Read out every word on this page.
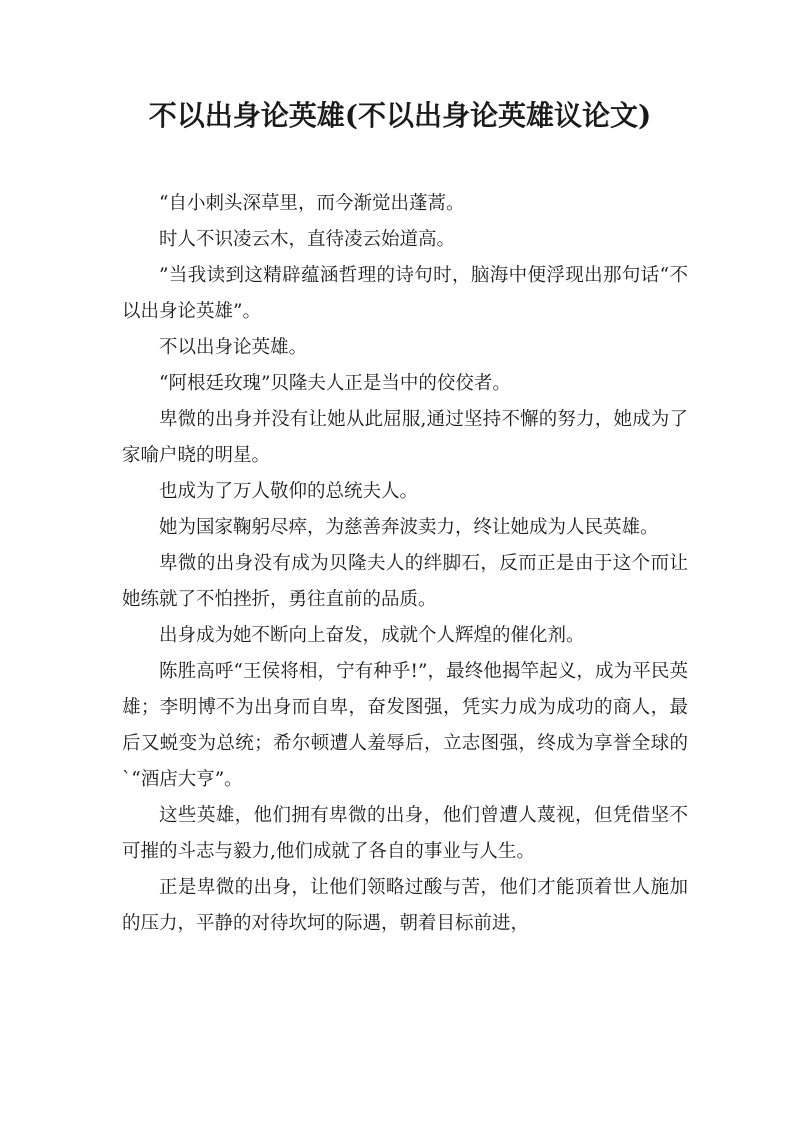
不以出身论英雄(不以出身论英雄议论文)

“自小刺头深草里，而今渐觉出蓬蒿。

时人不识凌云木，直待凌云始道高。

”当我读到这精辟蕴涵哲理的诗句时，脑海中便浮现出那句话“不以出身论英雄”。

不以出身论英雄。

“阿根廷玫瑰”贝隆夫人正是当中的佼佼者。

卑微的出身并没有让她从此屈服,通过坚持不懈的努力，她成为了家喻户晓的明星。

也成为了万人敬仰的总统夫人。

她为国家鞠躬尽瘁，为慈善奔波卖力，终让她成为人民英雄。

卑微的出身没有成为贝隆夫人的绊脚石，反而正是由于这个而让她练就了不怕挫折，勇往直前的品质。

出身成为她不断向上奋发，成就个人辉煌的催化剂。

陈胜高呼“王侯将相，宁有种乎!”，最终他揭竿起义，成为平民英雄；李明博不为出身而自卑，奋发图强，凭实力成为成功的商人，最后又蜕变为总统；希尔顿遭人羞辱后，立志图强，终成为享誉全球的`“酒店大亨”。

这些英雄，他们拥有卑微的出身，他们曾遭人蔑视，但凭借坚不可摧的斗志与毅力,他们成就了各自的事业与人生。

正是卑微的出身，让他们领略过酸与苦，他们才能顶着世人施加的压力，平静的对待坎坷的际遇，朝着目标前进，
